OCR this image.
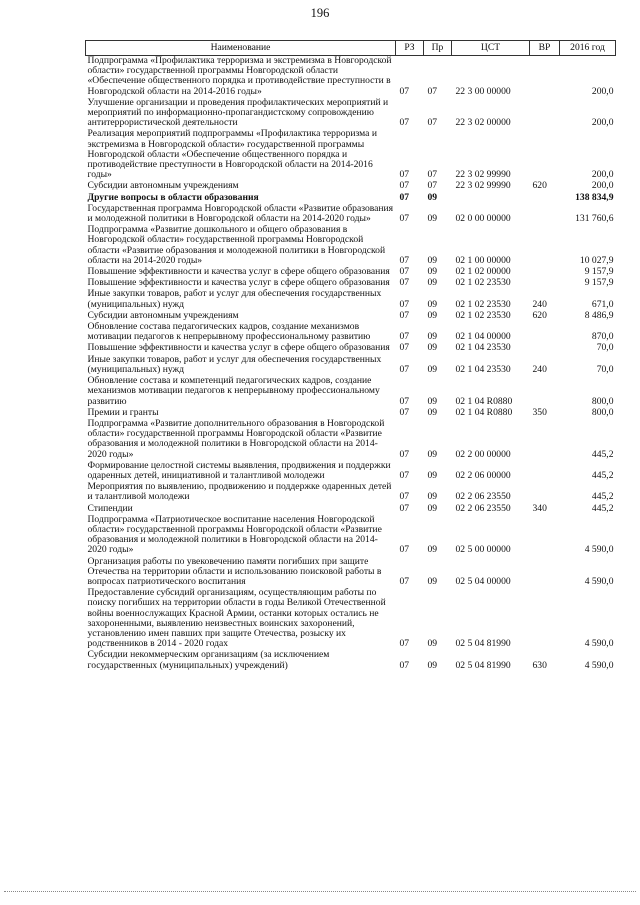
196
Наименование	РЗ	Пр	ЦСТ	ВР	2016 год
Подпрограмма «Профилактика терроризма и экстремизма в Новгородской области» государственной программы Новгородской области «Обеспечение общественного порядка и противодействие преступности в Новгородской области на 2014-2016 годы»	07	07	22 3 00 00000		200,0
Улучшение организации и проведения профилактических мероприятий и мероприятий по информационно-пропагандистскому сопровождению антитеррористической деятельности	07	07	22 3 02 00000		200,0
Реализация мероприятий подпрограммы «Профилактика терроризма и экстремизма в Новгородской области» государственной программы Новгородской области «Обеспечение общественного порядка и противодействие преступности в Новгородской области на 2014-2016 годы»	07	07	22 3 02 99990		200,0
Субсидии автономным учреждениям	07	07	22 3 02 99990	620	200,0
Другие вопросы в области образования	07	09			138 834,9
Государственная программа Новгородской области «Развитие образования и молодежной политики в Новгородской области на 2014-2020 годы»	07	09	02 0 00 00000		131 760,6
Подпрограмма «Развитие дошкольного и общего образования в Новгородской области» государственной программы Новгородской области «Развитие образования и молодежной политики в Новгородской области на 2014-2020 годы»	07	09	02 1 00 00000		10 027,9
Повышение эффективности и качества услуг в сфере общего образования	07	09	02 1 02 00000		9 157,9
Повышение эффективности и качества услуг в сфере общего образования	07	09	02 1 02 23530		9 157,9
Иные закупки товаров, работ и услуг для обеспечения государственных (муниципальных) нужд	07	09	02 1 02 23530	240	671,0
Субсидии автономным учреждениям	07	09	02 1 02 23530	620	8 486,9
Обновление состава педагогических кадров, создание механизмов мотивации педагогов к непрерывному профессиональному развитию	07	09	02 1 04 00000		870,0
Повышение эффективности и качества услуг в сфере общего образования	07	09	02 1 04 23530		70,0
Иные закупки товаров, работ и услуг для обеспечения государственных (муниципальных) нужд	07	09	02 1 04 23530	240	70,0
Обновление состава и компетенций педагогических кадров, создание механизмов мотивации педагогов к непрерывному профессиональному развитию	07	09	02 1 04 R0880		800,0
Премии и гранты	07	09	02 1 04 R0880	350	800,0
Подпрограмма «Развитие дополнительного образования в Новгородской области» государственной программы Новгородской области «Развитие образования и молодежной политики в Новгородской области на 2014-2020 годы»	07	09	02 2 00 00000		445,2
Формирование целостной системы выявления, продвижения и поддержки одаренных детей, инициативной и талантливой молодежи	07	09	02 2 06 00000		445,2
Мероприятия по выявлению, продвижению и поддержке одаренных детей и талантливой молодежи	07	09	02 2 06 23550		445,2
Стипендии	07	09	02 2 06 23550	340	445,2
Подпрограмма «Патриотическое воспитание населения Новгородской области» государственной программы Новгородской области «Развитие образования и молодежной политики в Новгородской области на 2014-2020 годы»	07	09	02 5 00 00000		4 590,0
Организация работы по увековечению памяти погибших при защите Отечества на территории области и использованию поисковой работы в вопросах патриотического воспитания	07	09	02 5 04 00000		4 590,0
Предоставление субсидий организациям, осуществляющим работы по поиску погибших на территории области в годы Великой Отечественной войны военнослужащих Красной Армии, останки которых остались не захороненными, выявлению неизвестных воинских захоронений, установлению имен павших при защите Отечества, розыску их родственников в 2014 - 2020 годах	07	09	02 5 04 81990		4 590,0
Субсидии некоммерческим организациям (за исключением государственных (муниципальных) учреждений)	07	09	02 5 04 81990	630	4 590,0
